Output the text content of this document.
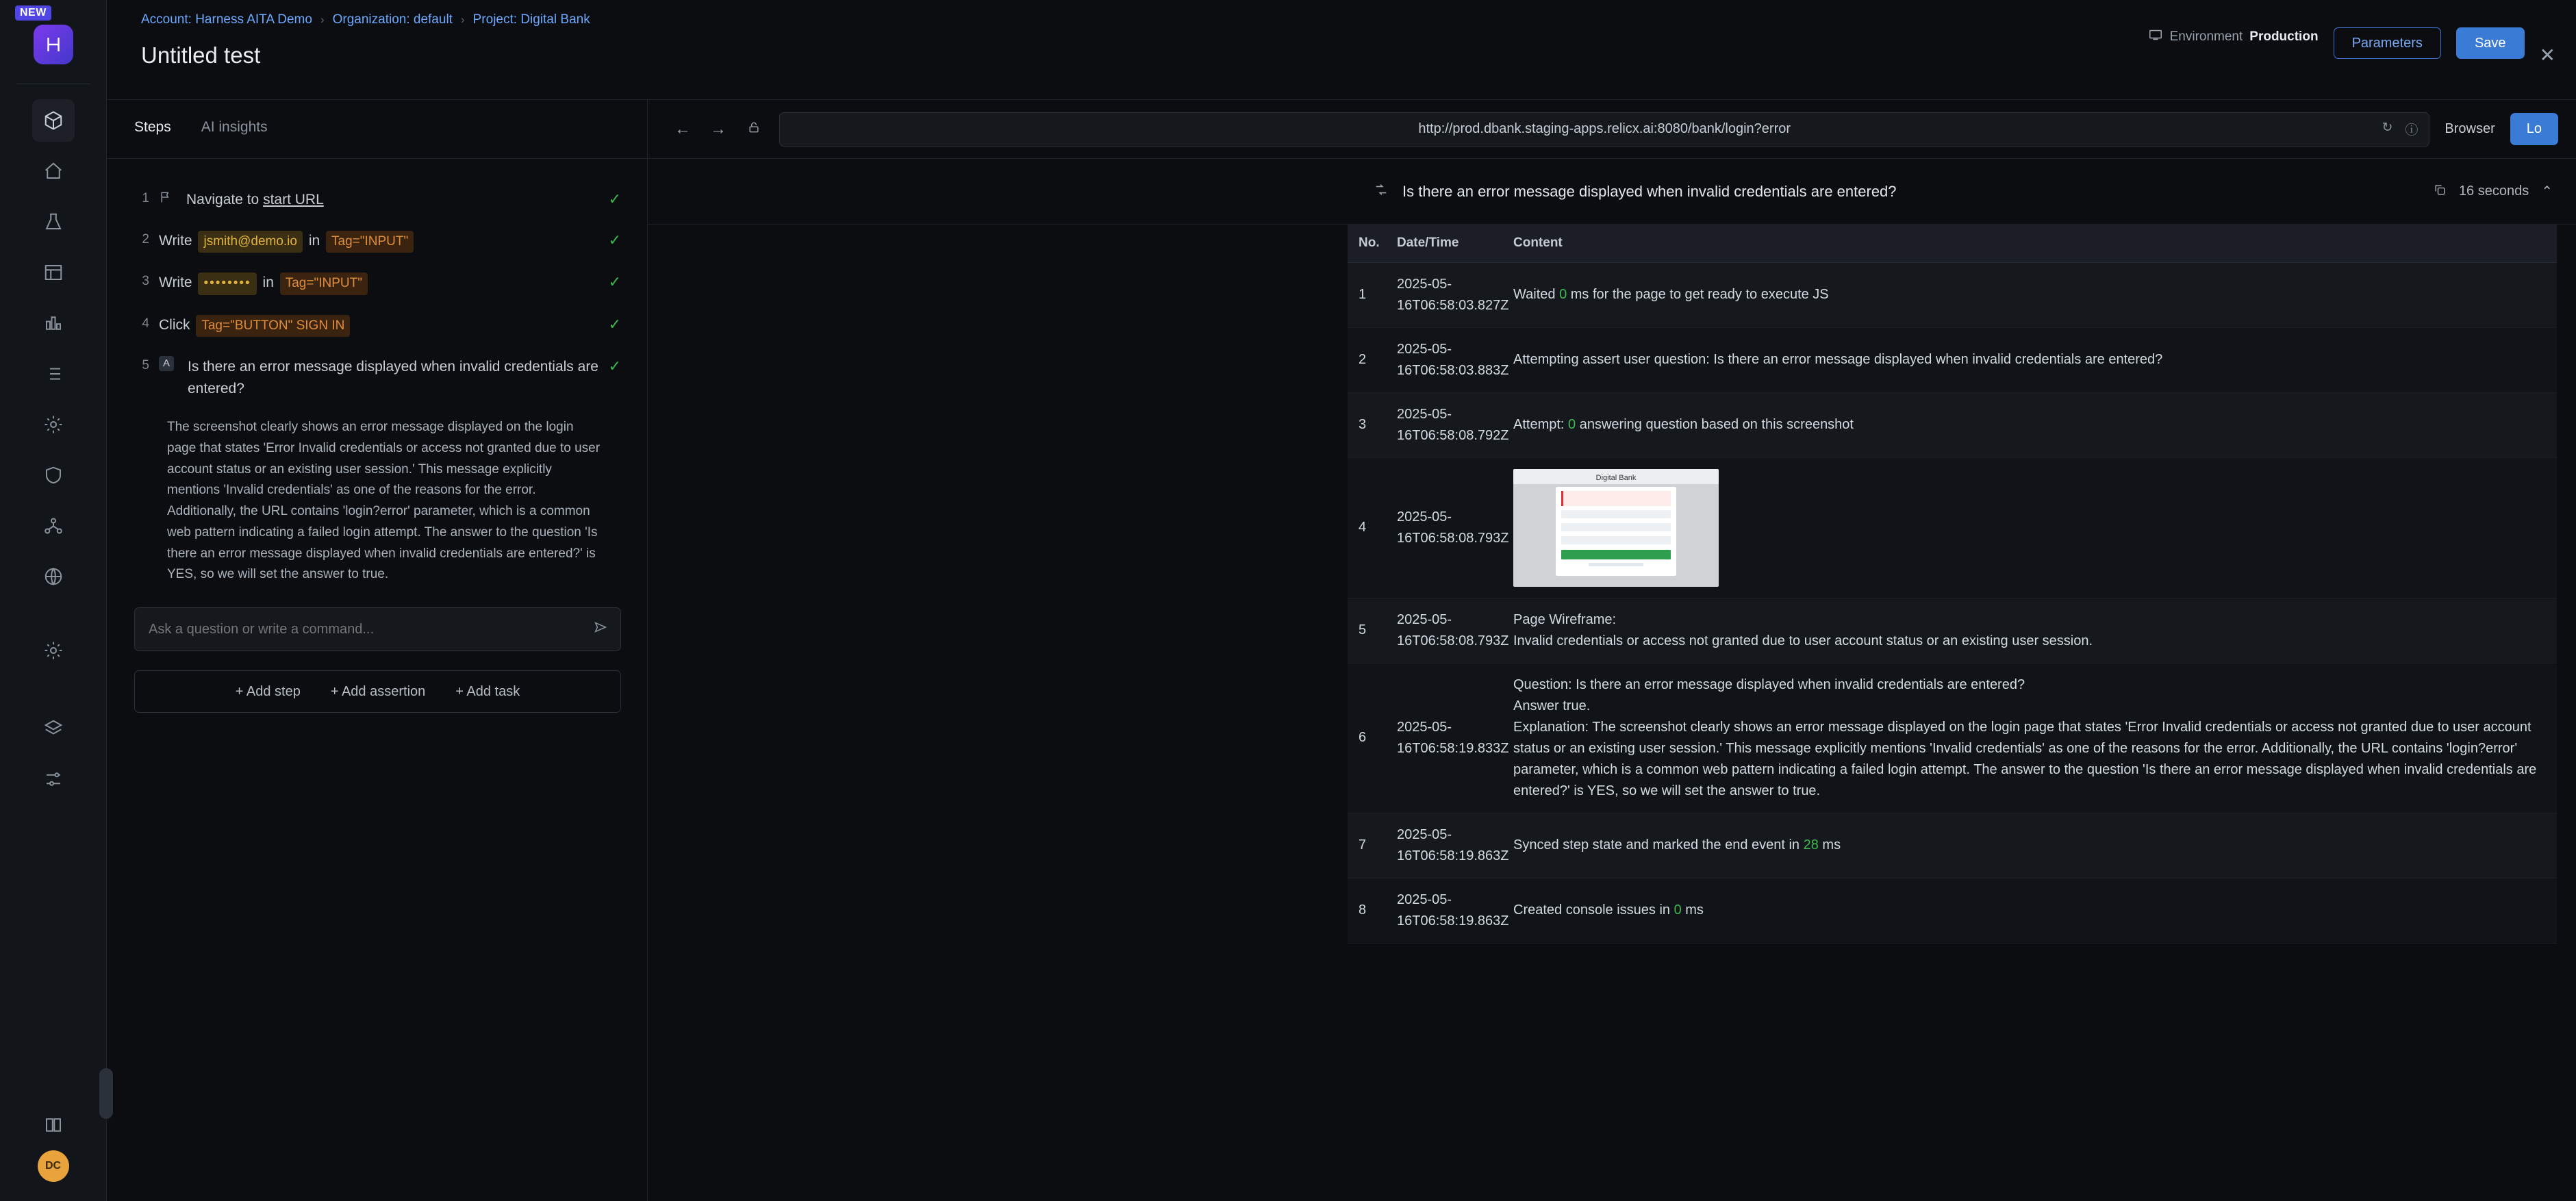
NEW
DC
Account: Harness AITA Demo › Organization: default › Project: Digital Bank
Untitled test
Environment Production	Parameters	Save
✕
Steps AI insights
1	Navigate to start URL	✓
2 Write jsmith@demo.io in Tag="INPUT"	✓
3 Write •••••••• in Tag="INPUT"	✓
4 Click Tag="BUTTON" SIGN IN	✓
5	A Is there an error message displayed when invalid credentials are entered?
✓
The screenshot clearly shows an error message displayed on the login page that states 'Error Invalid credentials or access not granted due to user account status or an existing user session.' This message explicitly mentions 'Invalid credentials' as one of the reasons for the error. Additionally, the URL contains 'login?error' parameter, which is a common web pattern indicating a failed login attempt. The answer to the question 'Is there an error message displayed when invalid credentials are entered?' is YES, so we will set the answer to true.
Ask a question or write a command...
+ Add step + Add assertion + Add task
← →	http://prod.dbank.staging-apps.relicx.ai:8080/bank/login?error	↻ ⓘ Browser	Lo
Is there an error message displayed when invalid credentials are entered?	16 seconds ⌃
No.	Date/Time	Content
1	2025-05-16T06:58:03.827Z	Waited 0 ms for the page to get ready to execute JS
2	2025-05-16T06:58:03.883Z	Attempting assert user question: Is there an error message displayed when invalid credentials are entered?
3	2025-05-16T06:58:08.792Z	Attempt: 0 answering question based on this screenshot
4	2025-05-16T06:58:08.793Z	Digital Bank

5	2025-05-16T06:58:08.793Z	Page Wireframe:
Invalid credentials or access not granted due to user account status or an existing user session.

6	2025-05-16T06:58:19.833Z	Question: Is there an error message displayed when invalid credentials are entered?
Answer true.
Explanation: The screenshot clearly shows an error message displayed on the login page that states 'Error Invalid credentials or access not granted due to user account status or an existing user session.' This message explicitly mentions 'Invalid credentials' as one of the reasons for the error. Additionally, the URL contains 'login?error' parameter, which is a common web pattern indicating a failed login attempt. The answer to the question 'Is there an error message displayed when invalid credentials are entered?' is YES, so we will set the answer to true.

7	2025-05-16T06:58:19.863Z	Synced step state and marked the end event in 28 ms
8	2025-05-16T06:58:19.863Z	Created console issues in 0 ms
